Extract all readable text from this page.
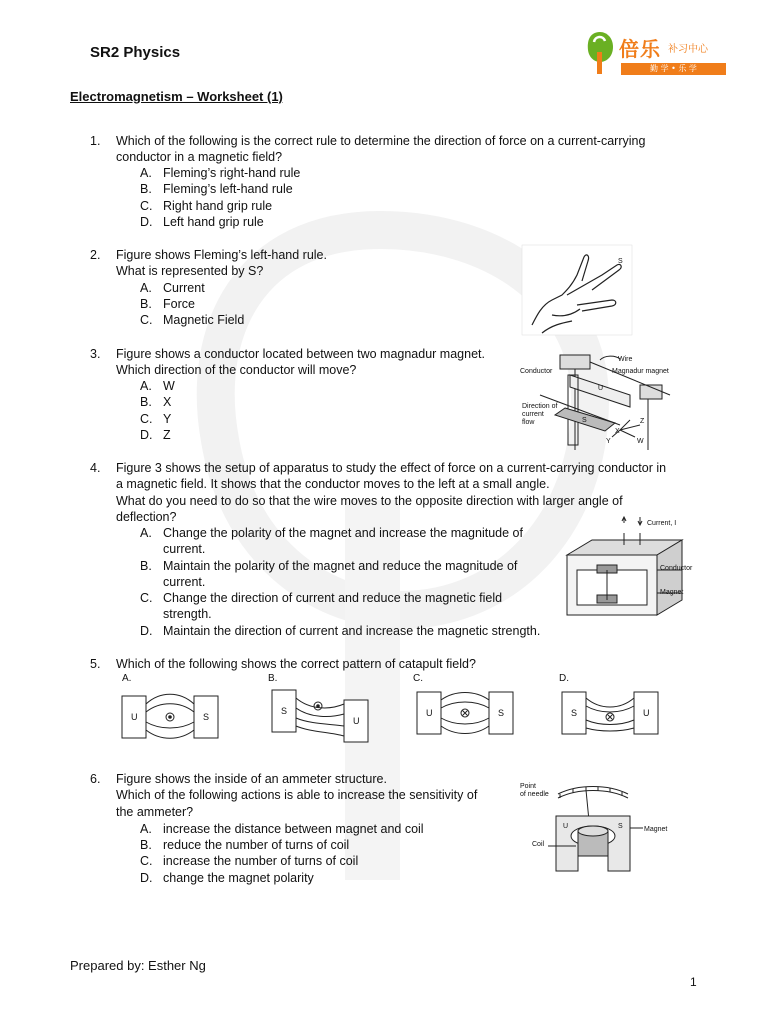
SR2 Physics	倍乐 补习中心
勤 学 • 乐 学
Electromagnetism – Worksheet (1)
1.	Which of the following is the correct rule to determine the direction of force on a current-carrying
conductor in a magnetic field?
A. Fleming’s right-hand rule
B. Fleming’s left-hand rule
C. Right hand grip rule
D. Left hand grip rule
2.	Figure shows Fleming’s left-hand rule.
What is represented by S?
A. Current
B. Force
C. Magnetic Field
S
3.	Figure shows a conductor located between two magnadur magnet.
Which direction of the conductor will move?
A. W
B. X
C. Y
D. Z
Wire
Conductor	Magnadur magnet
Direction of
current
flow
U
S
X
Y
Z
W
4.	Figure 3 shows the setup of apparatus to study the effect of force on a current-carrying conductor in
a magnetic field. It shows that the conductor moves to the left at a small angle.
What do you need to do so that the wire moves to the opposite direction with larger angle of
deflection?
A. Change the polarity of the magnet and increase the magnitude of
current.
B. Maintain the polarity of the magnet and reduce the magnitude of
current.
C. Change the direction of current and reduce the magnetic field
strength.
D. Maintain the direction of current and increase the magnetic strength.
Current, I
Conductor
Magnet
5.	Which of the following shows the correct pattern of catapult field?
A.	B.	C.	D.
U	S
S
U
U	S	S	U
6.	Figure shows the inside of an ammeter structure.
Which of the following actions is able to increase the sensitivity of
the ammeter?
A. increase the distance between magnet and coil
B. reduce the number of turns of coil
C. increase the number of turns of coil
D. change the magnet polarity
Point
of needle
Coil
Magnet
U	S
Prepared by: Esther Ng
1
